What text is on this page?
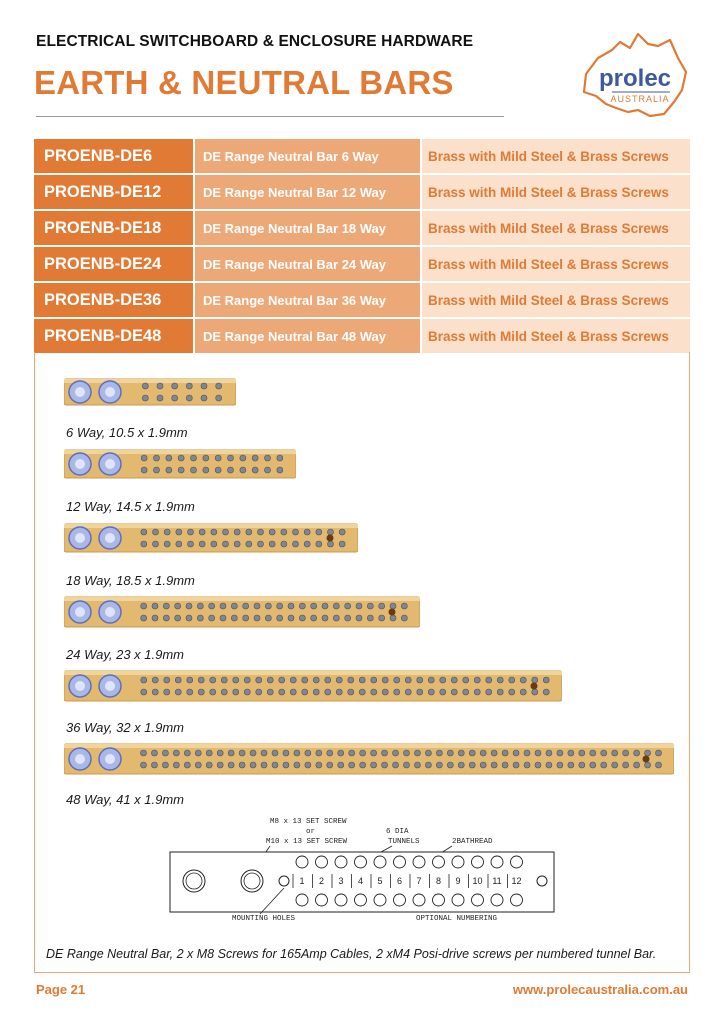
ELECTRICAL SWITCHBOARD & ENCLOSURE HARDWARE
EARTH & NEUTRAL BARS	prolec
AUSTRALIA
PROENB-DE6	DE Range Neutral Bar 6 Way	Brass with Mild Steel & Brass Screws
PROENB-DE12	DE Range Neutral Bar 12 Way	Brass with Mild Steel & Brass Screws
PROENB-DE18	DE Range Neutral Bar 18 Way	Brass with Mild Steel & Brass Screws
PROENB-DE24	DE Range Neutral Bar 24 Way	Brass with Mild Steel & Brass Screws
PROENB-DE36	DE Range Neutral Bar 36 Way	Brass with Mild Steel & Brass Screws
PROENB-DE48	DE Range Neutral Bar 48 Way	Brass with Mild Steel & Brass Screws
6 Way, 10.5 x 1.9mm
12 Way, 14.5 x 1.9mm
18 Way, 18.5 x 1.9mm
24 Way, 23 x 1.9mm
36 Way, 32 x 1.9mm
48 Way, 41 x 1.9mm
M8 x 13 SET SCREW
or
M10 x 13 SET SCREW
6 DIA
TUNNELS	2BATHREAD
1 2 3 4 5 6 7 8 9 10 11 12
MOUNTING HOLES	OPTIONAL NUMBERING
DE Range Neutral Bar, 2 x M8 Screws for 165Amp Cables, 2 xM4 Posi-drive screws per numbered tunnel Bar.
Page 21	www.prolecaustralia.com.au
